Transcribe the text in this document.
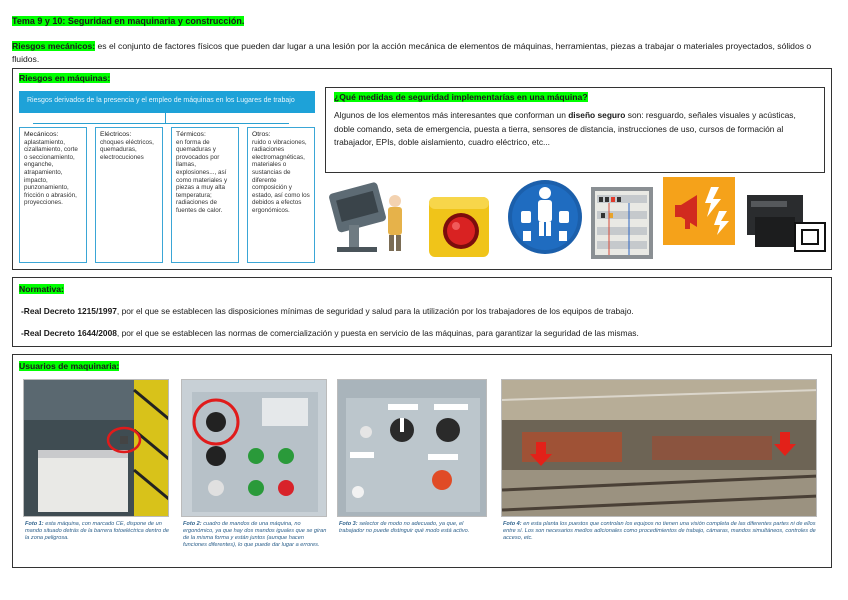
Tema 9 y 10: Seguridad en maquinaria y construcción.
Riesgos mecánicos: es el conjunto de factores físicos que pueden dar lugar a una lesión por la acción mecánica de elementos de máquinas, herramientas, piezas a trabajar o materiales proyectados, sólidos o fluidos.
Riesgos en máquinas:
Riesgos derivados de la presencia y el empleo de máquinas en los Lugares de trabajo
Mecánicos:
aplastamiento, cizallamiento, corte o seccionamiento, enganche, atrapamiento, impacto, punzonamiento, fricción o abrasión, proyecciones.
Eléctricos:
choques eléctricos, quemaduras, electrocuciones
Térmicos:
en forma de quemaduras y provocados por llamas, explosiones..., así como materiales y piezas a muy alta temperatura; radiaciones de fuentes de calor.
Otros:
ruido o vibraciones, radiaciones electromagnéticas, materiales o sustancias de diferente composición y estado, así como los debidos a efectos ergonómicos.
¿Qué medidas de seguridad implementarías en una máquina?
Algunos de los elementos más interesantes que conforman un diseño seguro son: resguardo, señales visuales y acústicas, doble comando, seta de emergencia, puesta a tierra, sensores de distancia, instrucciones de uso, cursos de formación al trabajador, EPIs, doble aislamiento, cuadro eléctrico, etc...
Normativa:
-Real Decreto 1215/1997, por el que se establecen las disposiciones mínimas de seguridad y salud para la utilización por los trabajadores de los equipos de trabajo.
-Real Decreto 1644/2008, por el que se establecen las normas de comercialización y puesta en servicio de las máquinas, para garantizar la seguridad de las mismas.
Usuarios de maquinaria:
Foto 1: esta máquina, con marcado CE, dispone de un mando situado detrás de la barrera fotoeléctrica dentro de la zona peligrosa.
Foto 2: cuadro de mandos de una máquina, no ergonómico, ya que hay dos mandos iguales que se giran de la misma forma y están juntos (aunque hacen funciones diferentes), lo que puede dar lugar a errores.
Foto 3: selector de modo no adecuado, ya que, el trabajador no puede distinguir qué modo está activo.
Foto 4: en esta planta los puestos que controlan los equipos no tienen una visión completa de las diferentes partes ni de ellos entre sí. Los son necesarios medios adicionales como procedimientos de trabajo, cámaras, mandos simultáneos, controles de acceso, etc.
